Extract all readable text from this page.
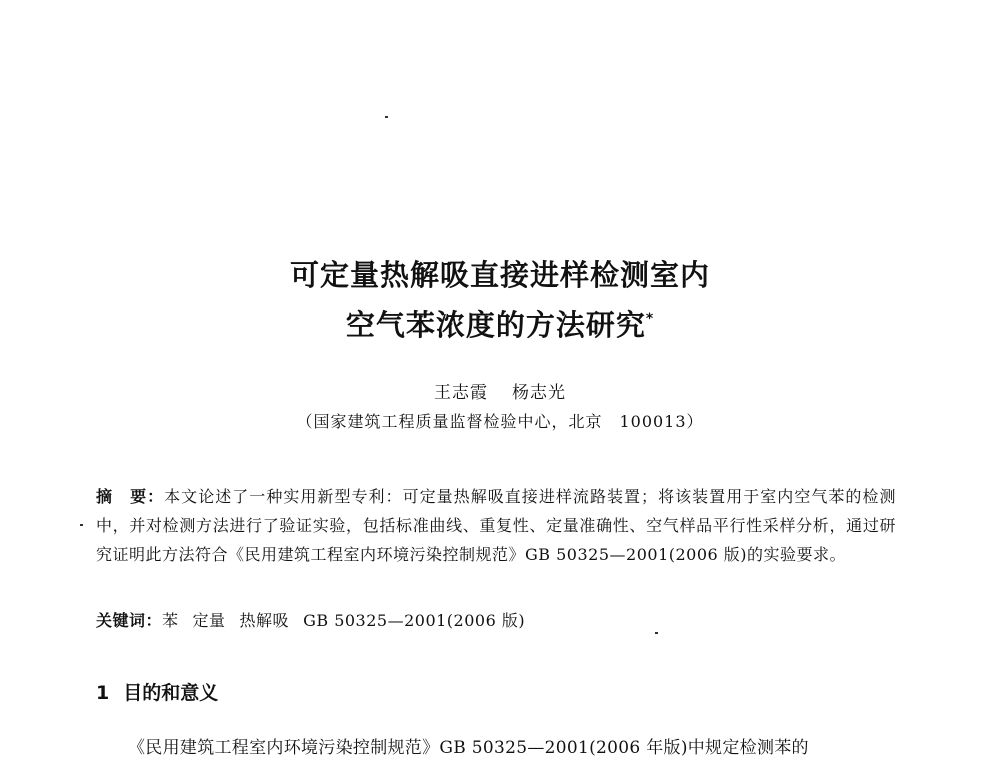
可定量热解吸直接进样检测室内
空气苯浓度的方法研究*
王志霞 杨志光
（国家建筑工程质量监督检验中心，北京　100013）
摘　要：本文论述了一种实用新型专利：可定量热解吸直接进样流路装置；将该装置用于室内空气苯的检测中，并对检测方法进行了验证实验，包括标准曲线、重复性、定量准确性、空气样品平行性采样分析，通过研究证明此方法符合《民用建筑工程室内环境污染控制规范》GB 50325—2001(2006 版)的实验要求。
关键词：苯 定量 热解吸 GB 50325—2001(2006 版)
1 目的和意义
《民用建筑工程室内环境污染控制规范》GB 50325—2001(2006 年版)中规定检测苯的
